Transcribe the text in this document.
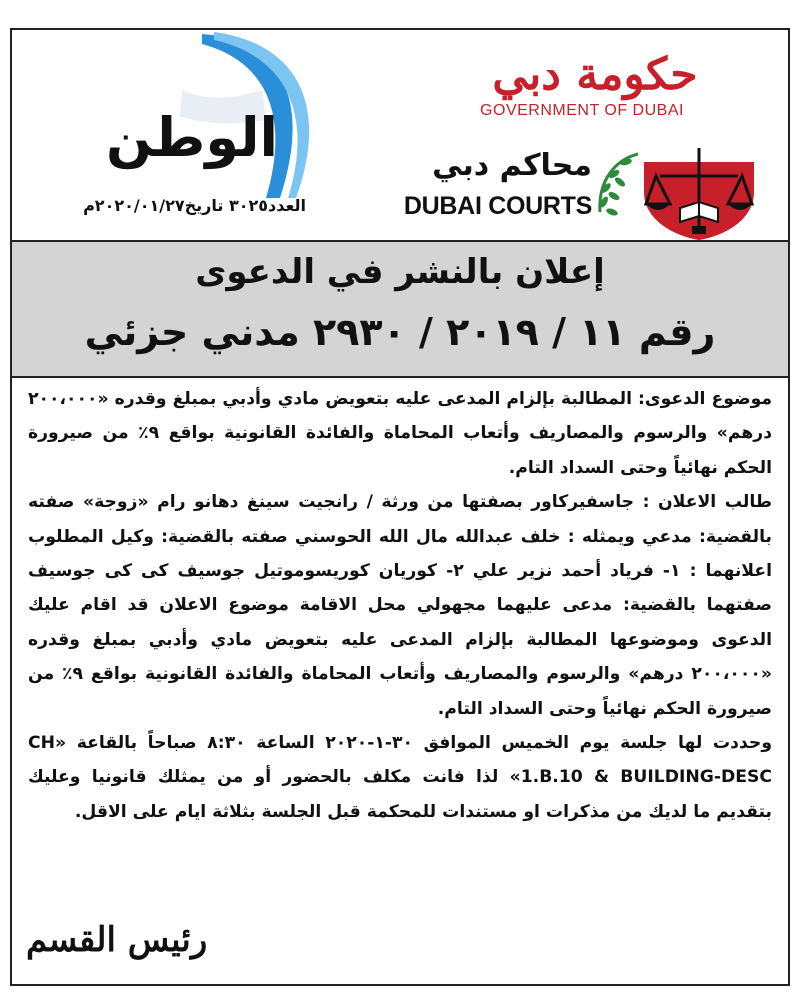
الوطن
العدد٣٠٢٥ تاريخ٢٠٢٠/٠١/٢٧م
حكومة دبي
GOVERNMENT OF DUBAI
محاكم دبي
DUBAI COURTS
إعلان بالنشر في الدعوى
رقم ١١ / ٢٠١٩ / ٢٩٣٠ مدني جزئي

موضوع الدعوى: المطالبة بإلزام المدعى عليه بتعويض مادي وأدبي بمبلغ وقدره «٢٠٠،٠٠٠ درهم» والرسوم والمصاريف وأتعاب المحاماة والفائدة القانونية بواقع ٩٪ من صيرورة الحكم نهائياً وحتى السداد التام.

طالب الاعلان : جاسفيركاور بصفتها من ورثة / رانجيت سينغ دهانو رام «زوجة» صفته بالقضية: مدعي ويمثله : خلف عبدالله مال الله الحوسني صفته بالقضية: وكيل المطلوب اعلانهما : ١- فرياد أحمد نزير علي ٢- كوريان كوريسوموتيل جوسيف كى كى جوسيف صفتهما بالقضية: مدعى عليهما مجهولي محل الاقامة موضوع الاعلان قد اقام عليك الدعوى وموضوعها المطالبة بإلزام المدعى عليه بتعويض مادي وأدبي بمبلغ وقدره «٢٠٠،٠٠٠ درهم» والرسوم والمصاريف وأتعاب المحاماة والفائدة القانونية بواقع ٩٪ من صيرورة الحكم نهائياً وحتى السداد التام.

وحددت لها جلسة يوم الخميس الموافق ٣٠-١-٢٠٢٠ الساعة ٨:٣٠ صباحاً بالقاعة «CH 1.B.10 & BUILDING-DESC» لذا فانت مكلف بالحضور أو من يمثلك قانونيا وعليك بتقديم ما لديك من مذكرات او مستندات للمحكمة قبل الجلسة بثلاثة ايام على الاقل.

رئيس القسم
